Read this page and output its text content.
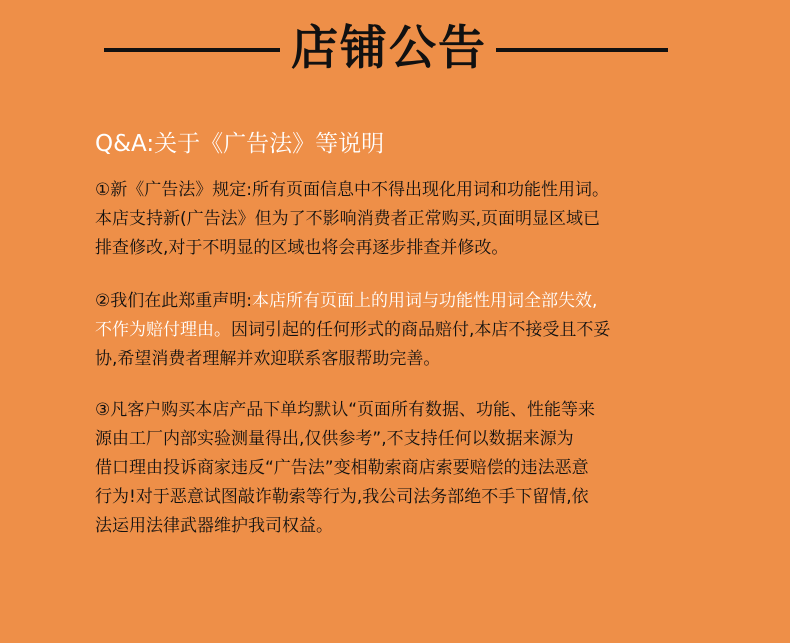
店铺公告
Q&A:关于《广告法》等说明
①新《广告法》规定:所有页面信息中不得出现化用词和功能性用词。
本店支持新(广告法》但为了不影响消费者正常购买,页面明显区域已
排查修改,对于不明显的区域也将会再逐步排查并修改。
②我们在此郑重声明:本店所有页面上的用词与功能性用词全部失效,
不作为赔付理由。因词引起的任何形式的商品赔付,本店不接受且不妥
协,希望消费者理解并欢迎联系客服帮助完善。
③凡客户购买本店产品下单均默认“页面所有数据、功能、性能等来
源由工厂内部实验测量得出,仅供参考”,不支持任何以数据来源为
借口理由投诉商家违反“广告法”变相勒索商店索要赔偿的违法恶意
行为!对于恶意试图敲诈勒索等行为,我公司法务部绝不手下留情,依
法运用法律武器维护我司权益。
